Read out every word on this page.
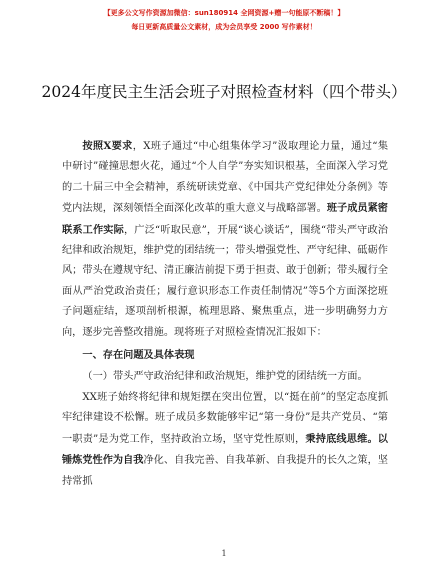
【更多公文写作资源加微信：sun180914 全网资源+赠一句能原不断稿！】
每日更新高质量公文素材，成为会员享受 2000 写作素材！
2024年度民主生活会班子对照检查材料（四个带头）

按照X要求，X班子通过“中心组集体学习”汲取理论力量，通过“集中研讨”碰撞思想火花，通过“个人自学”夯实知识根基，全面深入学习党的二十届三中全会精神，系统研读党章、《中国共产党纪律处分条例》等党内法规，深刻领悟全面深化改革的重大意义与战略部署。班子成员紧密联系工作实际，广泛“听取民意”，开展“谈心谈话”，围绕“带头严守政治纪律和政治规矩，维护党的团结统一；带头增强党性、严守纪律、砥砺作风；带头在遵规守纪、清正廉洁前提下勇于担责、敢于创新；带头履行全面从严治党政治责任；履行意识形态工作责任制情况”等5个方面深挖班子问题症结，逐项剖析根源，梳理思路、聚焦重点，进一步明确努力方向，逐步完善整改措施。现将班子对照检查情况汇报如下：

一、存在问题及具体表现

（一）带头严守政治纪律和政治规矩，维护党的团结统一方面。

XX班子始终将纪律和规矩摆在突出位置，以“挺在前”的坚定态度抓牢纪律建设不松懈。班子成员多数能够牢记“第一身份”是共产党员、“第一职责”是为党工作，坚持政治立场，坚守党性原则，秉持底线思维。以锤炼党性作为自我净化、自我完善、自我革新、自我提升的长久之策，坚持常抓

1
